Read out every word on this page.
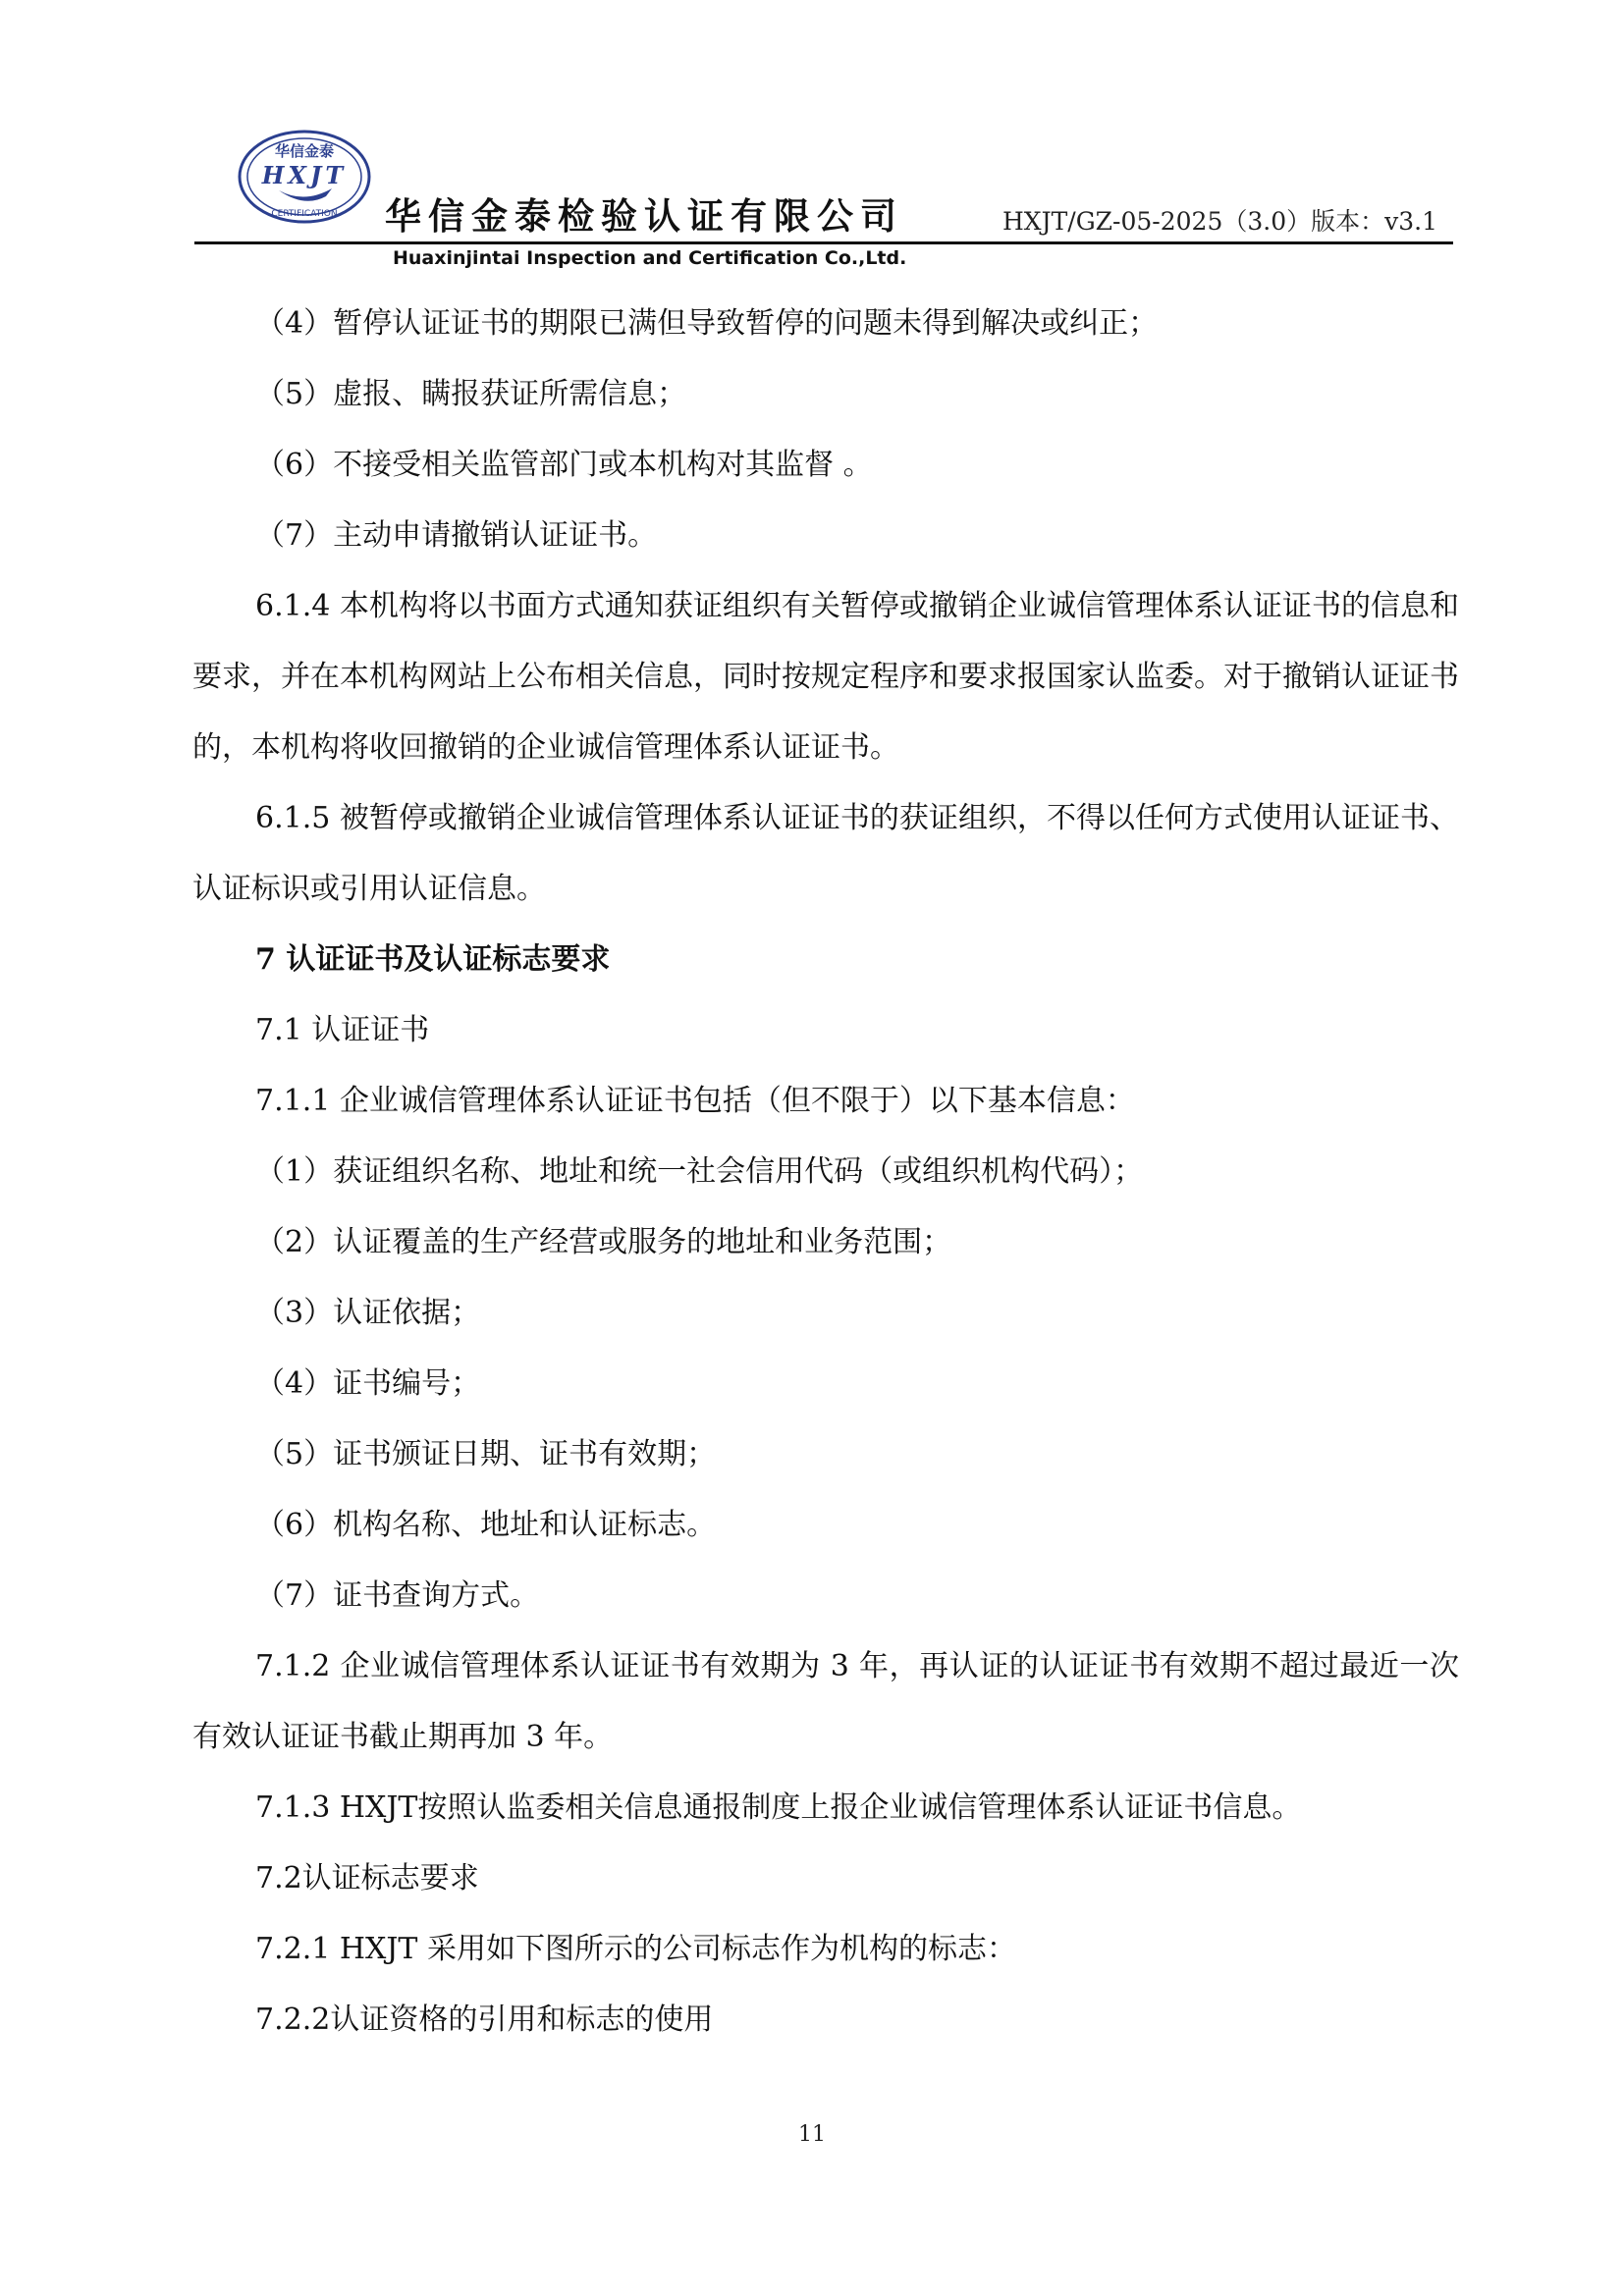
华信金泰
HXJT
CERTIFICATION 华信金泰检验认证有限公司	HXJT/GZ-05-2025（3.0）版本：v3.1
Huaxinjintai Inspection and Certification Co.,Ltd.

（4）暂停认证证书的期限已满但导致暂停的问题未得到解决或纠正；

（5）虚报、瞒报获证所需信息；

（6）不接受相关监管部门或本机构对其监督 。

（7）主动申请撤销认证证书。

6.1.4 本机构将以书面方式通知获证组织有关暂停或撤销企业诚信管理体系认证证书的信息和要求，并在本机构网站上公布相关信息，同时按规定程序和要求报国家认监委。对于撤销认证证书的，本机构将收回撤销的企业诚信管理体系认证证书。

6.1.5 被暂停或撤销企业诚信管理体系认证证书的获证组织，不得以任何方式使用认证证书、认证标识或引用认证信息。

7 认证证书及认证标志要求

7.1 认证证书

7.1.1 企业诚信管理体系认证证书包括（但不限于）以下基本信息：

（1）获证组织名称、地址和统一社会信用代码（或组织机构代码）；

（2）认证覆盖的生产经营或服务的地址和业务范围；

（3）认证依据；

（4）证书编号；

（5）证书颁证日期、证书有效期；

（6）机构名称、地址和认证标志。

（7）证书查询方式。

7.1.2 企业诚信管理体系认证证书有效期为 3 年，再认证的认证证书有效期不超过最近一次有效认证证书截止期再加 3 年。

7.1.3 HXJT按照认监委相关信息通报制度上报企业诚信管理体系认证证书信息。

7.2认证标志要求

7.2.1 HXJT 采用如下图所示的公司标志作为机构的标志：

7.2.2认证资格的引用和标志的使用

11
